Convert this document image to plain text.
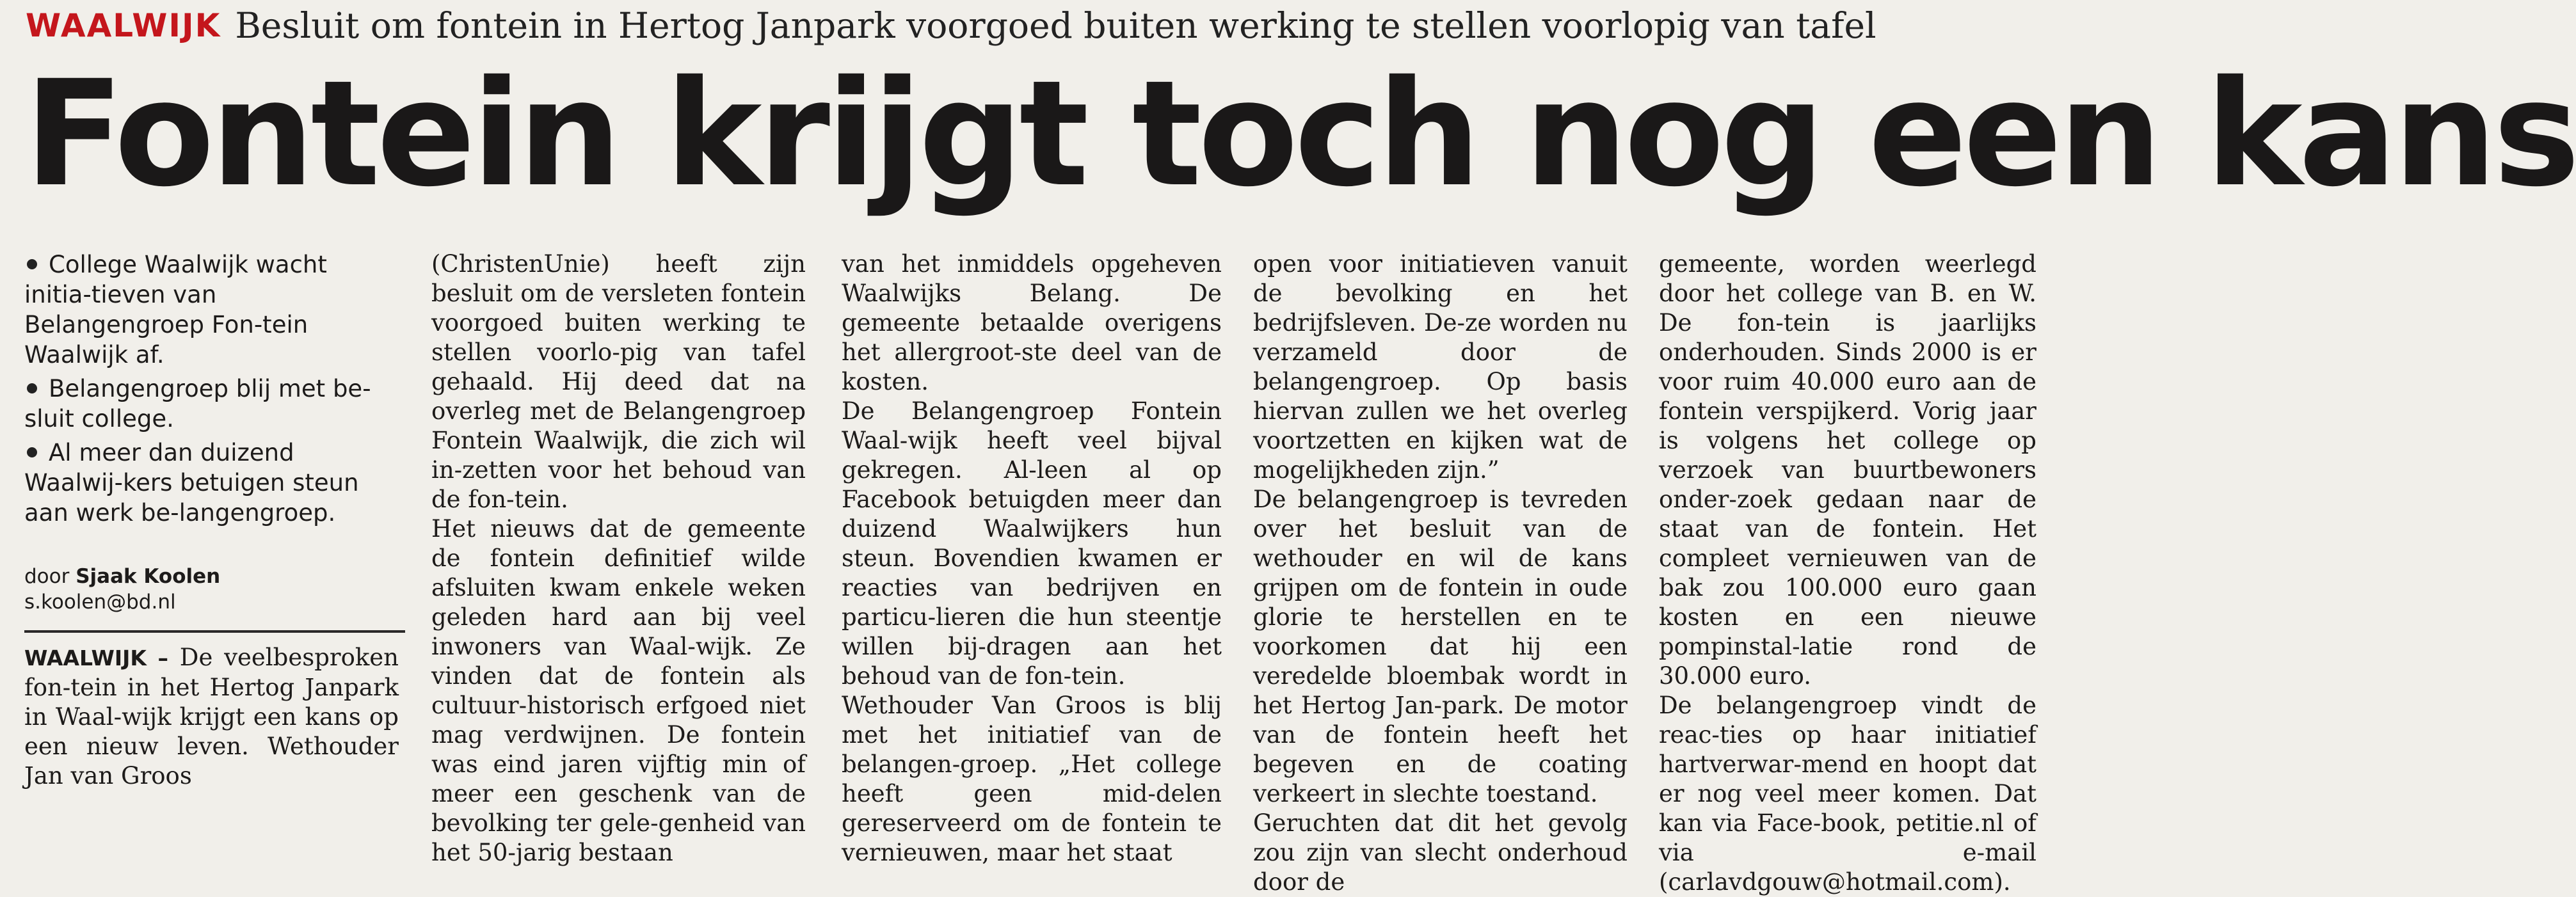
WAALWIJK Besluit om fontein in Hertog Janpark voorgoed buiten werking te stellen voorlopig van tafel
Fontein krijgt toch nog een kans
College Waalwijk wacht initia-tieven van Belangengroep Fon-tein Waalwijk af.
Belangengroep blij met be-sluit college.
Al meer dan duizend Waalwij-kers betuigen steun aan werk be-langengroep.
door Sjaak Koolen
s.koolen@bd.nl

WAALWIJK – De veelbesproken fon-tein in het Hertog Janpark in Waal-wijk krijgt een kans op een nieuw leven. Wethouder Jan van Groos

(ChristenUnie) heeft zijn besluit om de versleten fontein voorgoed buiten werking te stellen voorlo-pig van tafel gehaald. Hij deed dat na overleg met de Belangengroep Fontein Waalwijk, die zich wil in-zetten voor het behoud van de fon-tein.

Het nieuws dat de gemeente de fontein definitief wilde afsluiten kwam enkele weken geleden hard aan bij veel inwoners van Waal-wijk. Ze vinden dat de fontein als cultuur-historisch erfgoed niet mag verdwijnen. De fontein was eind jaren vijftig min of meer een geschenk van de bevolking ter gele-genheid van het 50-jarig bestaan

van het inmiddels opgeheven Waalwijks Belang. De gemeente betaalde overigens het allergroot-ste deel van de kosten.

De Belangengroep Fontein Waal-wijk heeft veel bijval gekregen. Al-leen al op Facebook betuigden meer dan duizend Waalwijkers hun steun. Bovendien kwamen er reacties van bedrijven en particu-lieren die hun steentje willen bij-dragen aan het behoud van de fon-tein.

Wethouder Van Groos is blij met het initiatief van de belangen-groep. „Het college heeft geen mid-delen gereserveerd om de fontein te vernieuwen, maar het staat

open voor initiatieven vanuit de bevolking en het bedrijfsleven. De-ze worden nu verzameld door de belangengroep. Op basis hiervan zullen we het overleg voortzetten en kijken wat de mogelijkheden zijn.”

De belangengroep is tevreden over het besluit van de wethouder en wil de kans grijpen om de fontein in oude glorie te herstellen en te voorkomen dat hij een veredelde bloembak wordt in het Hertog Jan-park. De motor van de fontein heeft het begeven en de coating verkeert in slechte toestand.

Geruchten dat dit het gevolg zou zijn van slecht onderhoud door de

gemeente, worden weerlegd door het college van B. en W. De fon-tein is jaarlijks onderhouden. Sinds 2000 is er voor ruim 40.000 euro aan de fontein verspijkerd. Vorig jaar is volgens het college op verzoek van buurtbewoners onder-zoek gedaan naar de staat van de fontein. Het compleet vernieuwen van de bak zou 100.000 euro gaan kosten en een nieuwe pompinstal-latie rond de 30.000 euro.

De belangengroep vindt de reac-ties op haar initiatief hartverwar-mend en hoopt dat er nog veel meer komen. Dat kan via Face-book, petitie.nl of via e-mail (carlavdgouw@hotmail.com).
